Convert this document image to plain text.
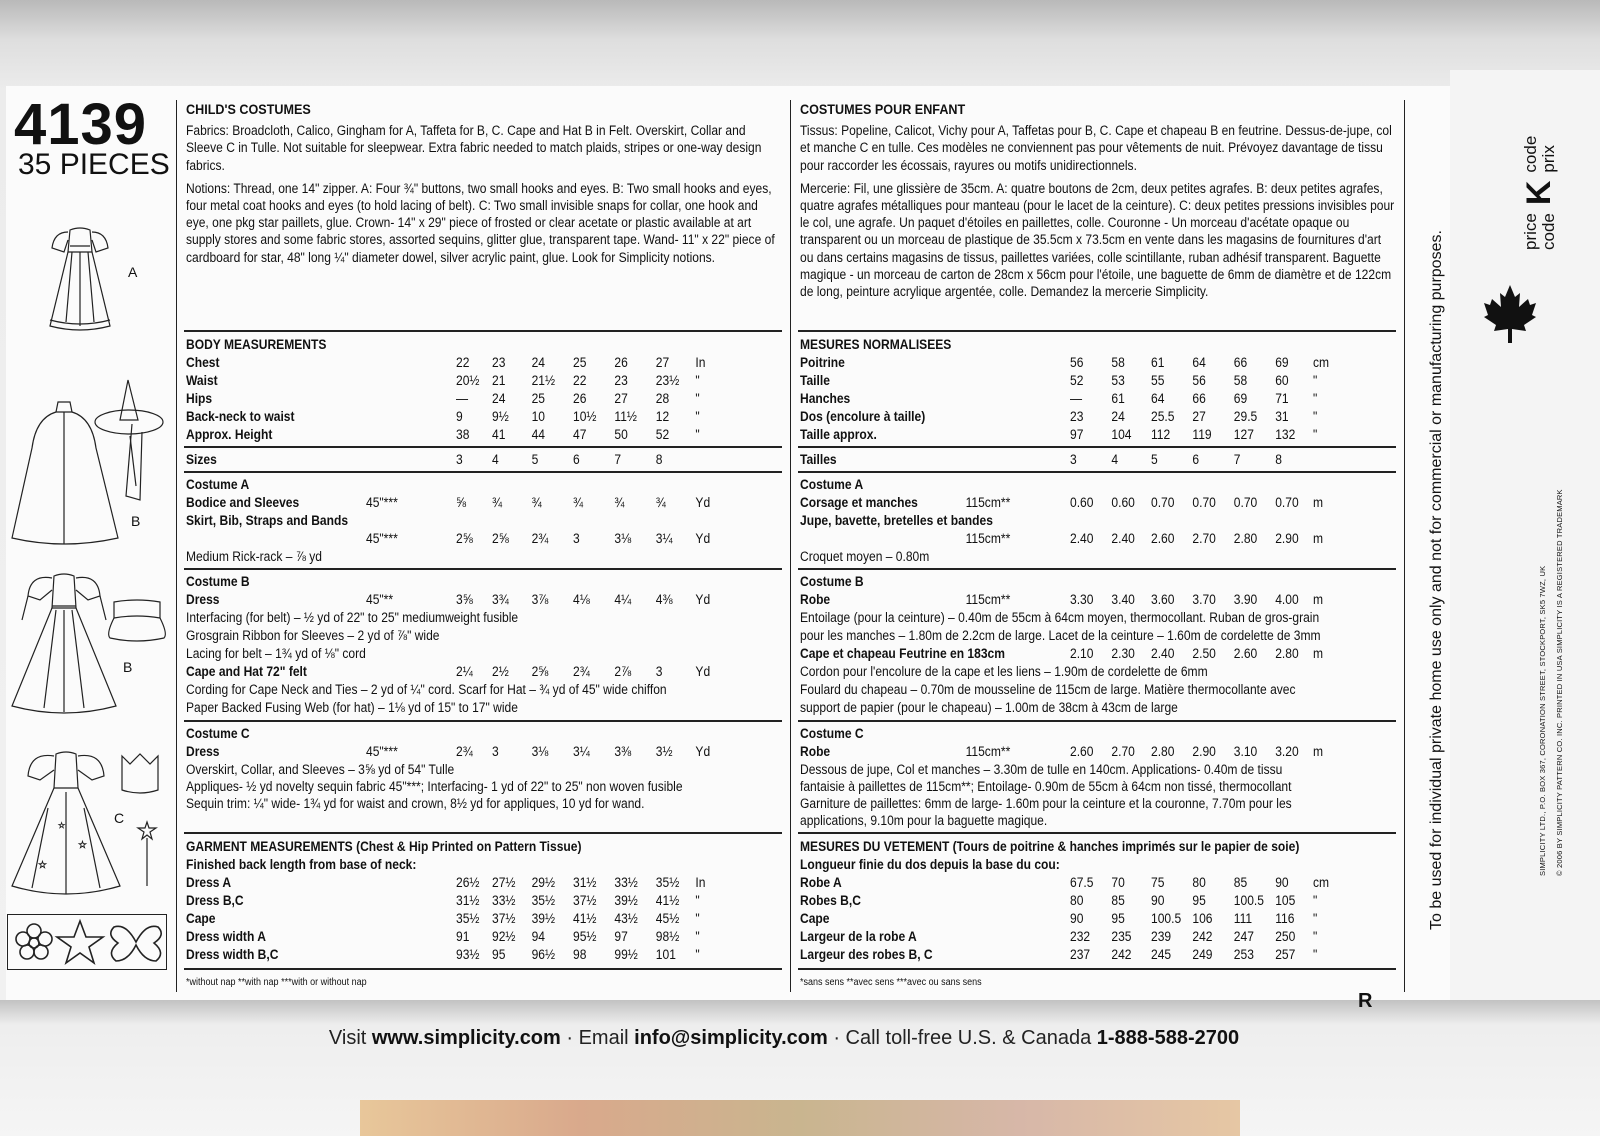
4139
35 PIECES
A
B
B
☆
☆
☆	C
CHILD'S COSTUMES
Fabrics: Broadcloth, Calico, Gingham for A, Taffeta for B, C. Cape and Hat B in Felt. Overskirt, Collar and Sleeve C in Tulle. Not suitable for sleepwear. Extra fabric needed to match plaids, stripes or one-way design fabrics.
Notions: Thread, one 14" zipper. A: Four ¾" buttons, two small hooks and eyes. B: Two small hooks and eyes, four metal coat hooks and eyes (to hold lacing of belt). C: Two small invisible snaps for collar, one hook and eye, one pkg star paillets, glue. Crown- 14" x 29" piece of frosted or clear acetate or plastic available at art supply stores and some fabric stores, assorted sequins, glitter glue, transparent tape. Wand- 11" x 22" piece of cardboard for star, 48" long ¼" diameter dowel, silver acrylic paint, glue. Look for Simplicity notions.
*without nap **with nap ***with or without nap
COSTUMES POUR ENFANT
Tissus: Popeline, Calicot, Vichy pour A, Taffetas pour B, C. Cape et chapeau B en feutrine. Dessus-de-jupe, col et manche C en tulle. Ces modèles ne conviennent pas pour vêtements de nuit. Prévoyez davantage de tissu pour raccorder les écossais, rayures ou motifs unidirectionnels.
Mercerie: Fil, une glissière de 35cm. A: quatre boutons de 2cm, deux petites agrafes. B: deux petites agrafes, quatre agrafes métalliques pour manteau (pour le lacet de la ceinture). C: deux petites pressions invisibles pour le col, une agrafe. Un paquet d'étoiles en paillettes, colle. Couronne - Un morceau d'acétate opaque ou transparent ou un morceau de plastique de 35.5cm x 73.5cm en vente dans les magasins de fournitures d'art ou dans certains magasins de tissus, paillettes variées, colle scintillante, ruban adhésif transparent. Baguette magique - un morceau de carton de 28cm x 56cm pour l'étoile, une baguette de 6mm de diamètre et de 122cm de long, peinture acrylique argentée, colle. Demandez la mercerie Simplicity.
*sans sens **avec sens ***avec ou sans sens
price code
K
code prix
To be used for individual private home use only and not for commercial or manufacturing purposes.	SIMPLICITY LTD., P.O. BOX 367, CORONATION STREET, STOCKPORT, SK5 7WZ, UK © 2006 BY SIMPLICITY PATTERN CO. INC. PRINTED IN USA SIMPLICITY IS A REGISTERED TRADEMARK
R
Visit www.simplicity.com · Email info@simplicity.com · Call toll-free U.S. & Canada 1-888-588-2700
BODY MEASUREMENTS
Chest	22 23 24 25 26 27 In
Waist	20½ 21 21½ 22 23 23½ "
Hips	— 24 25 26 27 28 "
Back-neck to waist	9 9½ 10 10½ 11½ 12 "
Approx. Height	38 41 44 47 50 52 "
Sizes	3 4 5	6	7	8
Costume A
Bodice and Sleeves	45"***	⅝ ¾ ¾ ¾ ¾ ¾ Yd
Skirt, Bib, Straps and Bands
45"***	2⅝ 2⅝ 2¾ 3	3⅛ 3¼ Yd
Medium Rick-rack – ⅞ yd
Costume B
Dress	45"**	3⅝ 3¾ 3⅞ 4⅛ 4¼ 4⅜ Yd
Interfacing (for belt) – ½ yd of 22" to 25" mediumweight fusible
Grosgrain Ribbon for Sleeves – 2 yd of ⅞" wide
Lacing for belt – 1¾ yd of ⅛" cord
Cape and Hat 72" felt	2¼ 2½ 2⅝ 2¾ 2⅞ 3 Yd
Cording for Cape Neck and Ties – 2 yd of ¼" cord. Scarf for Hat – ¾ yd of 45" wide chiffon
Paper Backed Fusing Web (for hat) – 1⅛ yd of 15" to 17" wide
Costume C
Dress	45"***	2¾ 3 3⅛ 3¼ 3⅜ 3½ Yd
Overskirt, Collar, and Sleeves – 3⅝ yd of 54" Tulle
Appliques- ½ yd novelty sequin fabric 45"***; Interfacing- 1 yd of 22" to 25" non woven fusible
Sequin trim: ¼" wide- 1¾ yd for waist and crown, 8½ yd for appliques, 10 yd for wand.
GARMENT MEASUREMENTS (Chest & Hip Printed on Pattern Tissue)
Finished back length from base of neck:
Dress A	26½ 27½ 29½ 31½ 33½ 35½ In
Dress B,C	31½ 33½ 35½ 37½ 39½ 41½ "
Cape	35½ 37½ 39½ 41½ 43½ 45½ "
Dress width A	91 92½ 94 95½ 97 98½ "
Dress width B,C	93½ 95 96½ 98 99½ 101 "
MESURES NORMALISEES
Poitrine	56 58 61 64 66 69 cm
Taille	52 53 55 56 58 60 "
Hanches	— 61 64 66 69 71 "
Dos (encolure à taille)	23 24 25.5 27 29.5 31 "
Taille approx.	97 104 112 119 127 132 "
Tailles	3	4 5	6	7	8
Costume A
Corsage et manches	115cm**	0.60 0.60 0.70 0.70 0.70 0.70 m
Jupe, bavette, bretelles et bandes
115cm**	2.40 2.40 2.60 2.70 2.80 2.90 m
Croquet moyen – 0.80m
Costume B
Robe	115cm**	3.30 3.40 3.60 3.70 3.90 4.00 m
Entoilage (pour la ceinture) – 0.40m de 55cm à 64cm moyen, thermocollant. Ruban de gros-grain
pour les manches – 1.80m de 2.2cm de large. Lacet de la ceinture – 1.60m de cordelette de 3mm
Cape et chapeau Feutrine en 183cm	2.10 2.30 2.40 2.50 2.60 2.80 m
Cordon pour l'encolure de la cape et les liens – 1.90m de cordelette de 6mm
Foulard du chapeau – 0.70m de mousseline de 115cm de large. Matière thermocollante avec
support de papier (pour le chapeau) – 1.00m de 38cm à 43cm de large
Costume C
Robe	115cm**	2.60 2.70 2.80 2.90 3.10 3.20 m
Dessous de jupe, Col et manches – 3.30m de tulle en 140cm. Applications- 0.40m de tissu
fantaisie à paillettes de 115cm**; Entoilage- 0.90m de 55cm à 64cm non tissé, thermocollant
Garniture de paillettes: 6mm de large- 1.60m pour la ceinture et la couronne, 7.70m pour les
applications, 9.10m pour la baguette magique.
MESURES DU VETEMENT (Tours de poitrine & hanches imprimés sur le papier de soie)
Longueur finie du dos depuis la base du cou:
Robe A	67.5 70 75 80 85 90 cm
Robes B,C	80 85 90 95 100.5 105 "
Cape	90 95 100.5 106 111 116 "
Largeur de la robe A	232 235 239 242 247 250 "
Largeur des robes B, C	237 242 245 249 253 257 "
